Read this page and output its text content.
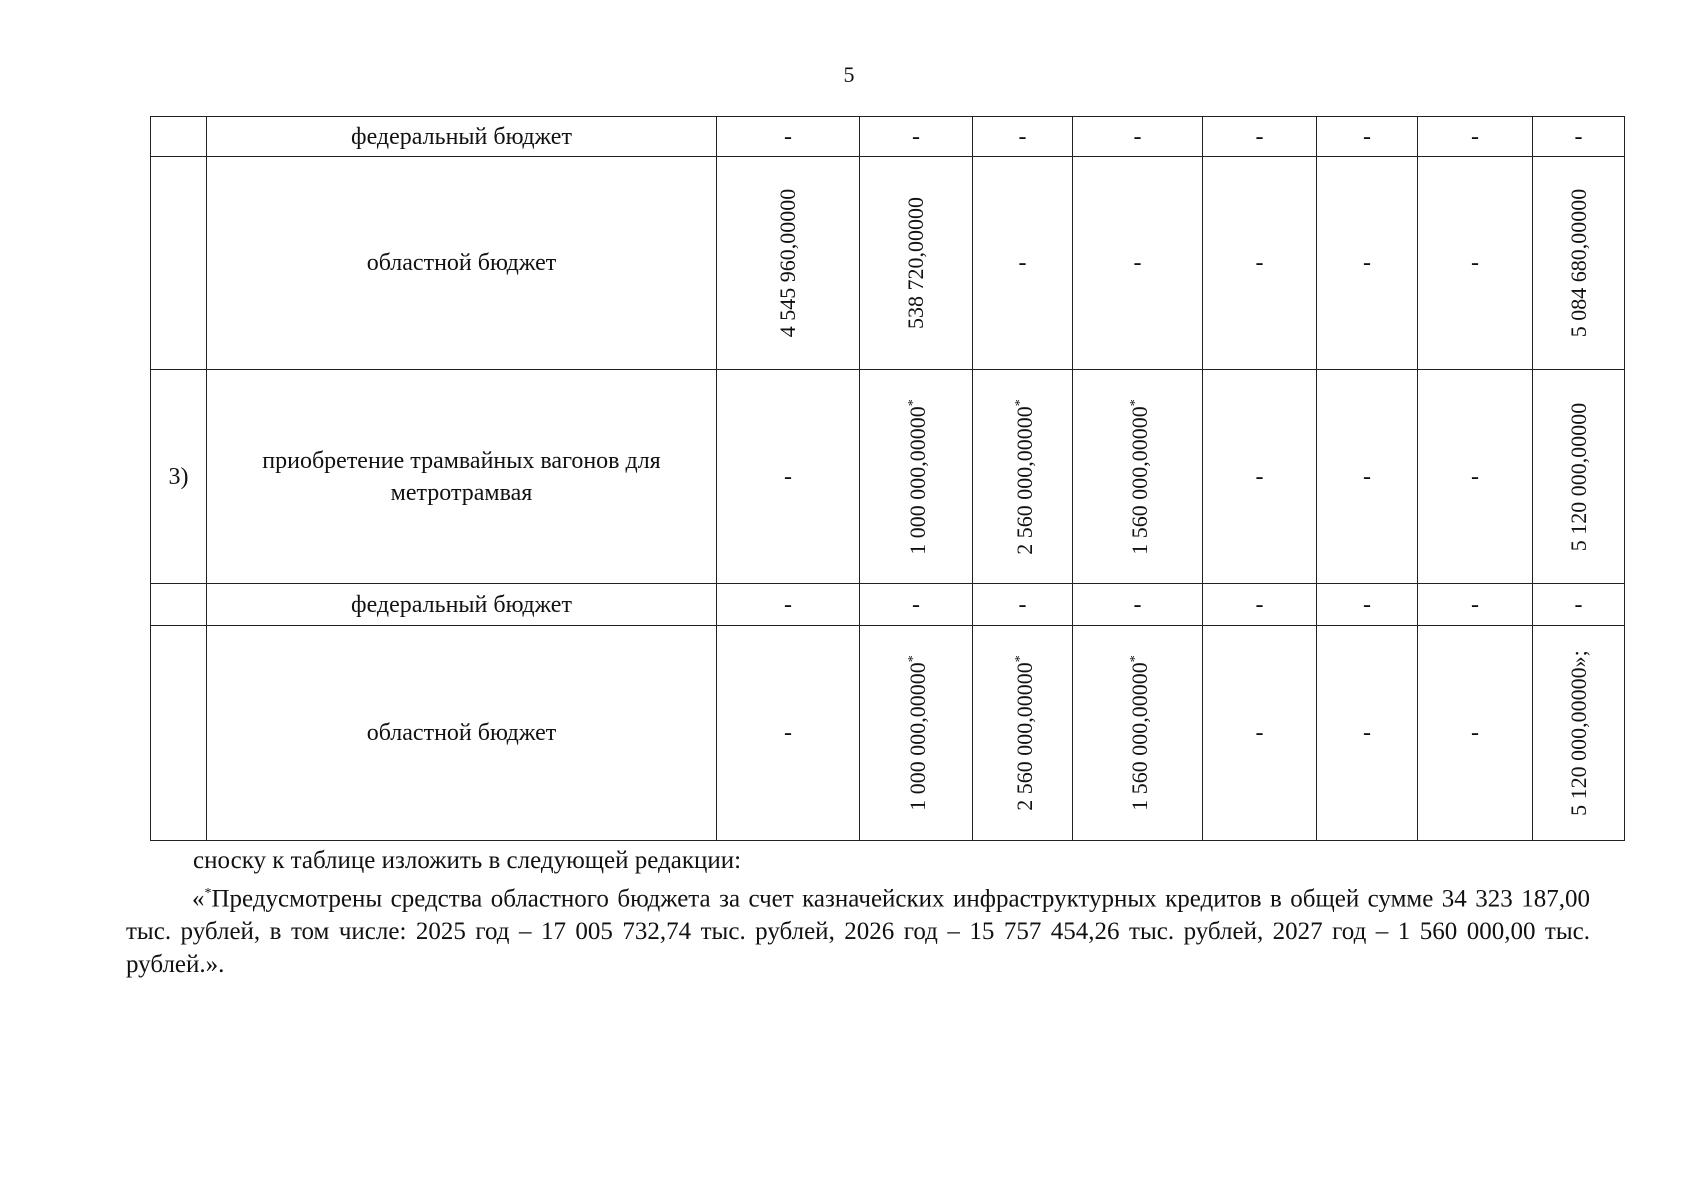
5
	федеральный бюджет	-	-	-	-	-	-	-	-
	областной бюджет	4 545 960,00000	538 720,00000	-	-	-	-	-	5 084 680,00000

3)	приобретение трамвайных вагонов для метротрамвая	-	1 000 000,00000*	2 560 000,00000*	1 560 000,00000*	-	-	-	5 120 000,00000

	федеральный бюджет	-	-	-	-	-	-	-	-
	областной бюджет	-	1 000 000,00000*	2 560 000,00000*	1 560 000,00000*	-	-	-	5 120 000,00000»;
сноску к таблице изложить в следующей редакции:
«*Предусмотрены средства областного бюджета за счет казначейских инфраструктурных кредитов в общей сумме 34 323 187,00 тыс. рублей, в том числе: 2025 год – 17 005 732,74 тыс. рублей, 2026 год – 15 757 454,26 тыс. рублей, 2027 год – 1 560 000,00 тыс. рублей.».
